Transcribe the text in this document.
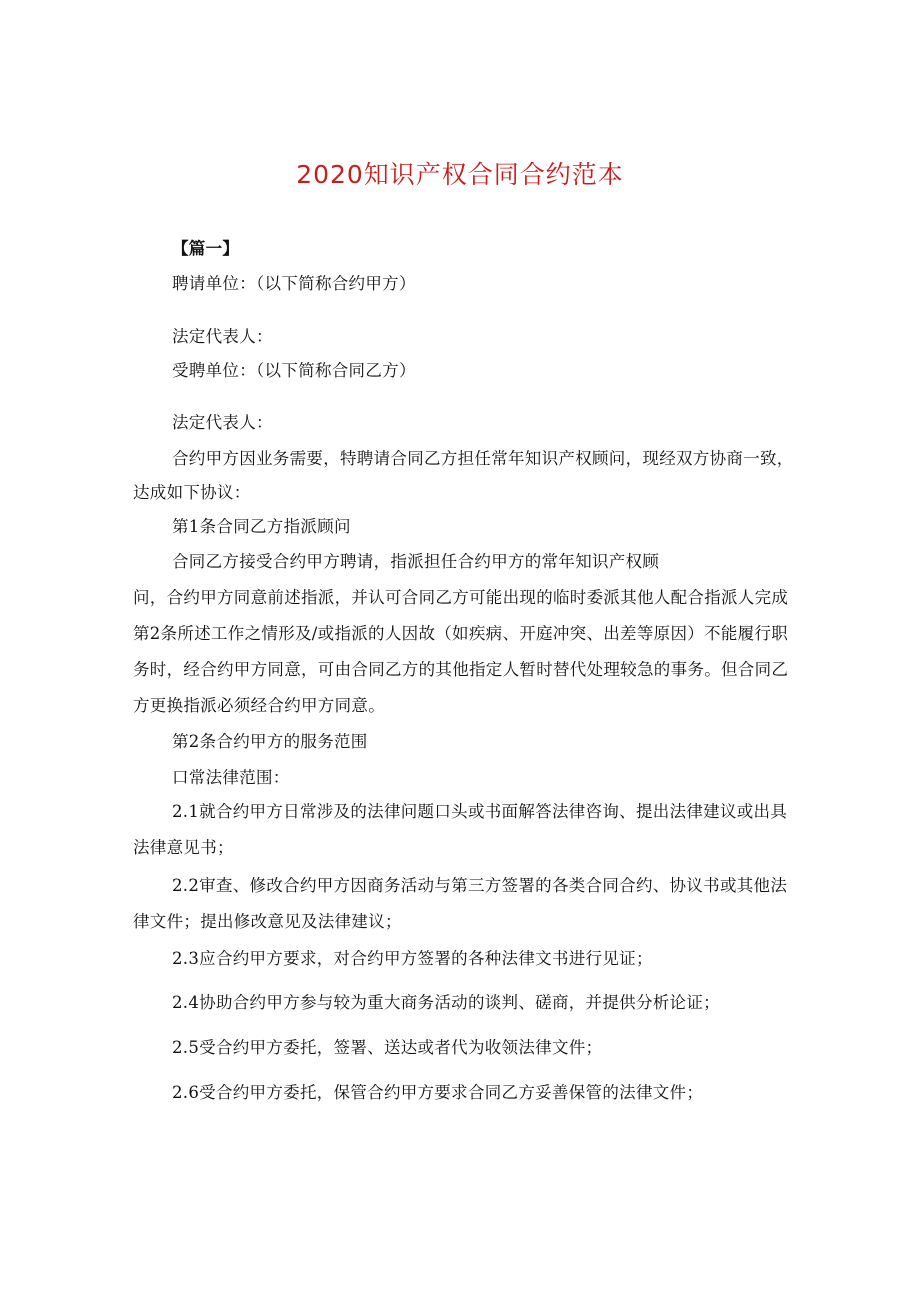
2020知识产权合同合约范本
【篇一】
聘请单位：（以下简称合约甲方）
法定代表人：
受聘单位：（以下简称合同乙方）
法定代表人：
合约甲方因业务需要，特聘请合同乙方担任常年知识产权顾问，现经双方协商一致，
达成如下协议：
第1条合同乙方指派顾问
合同乙方接受合约甲方聘请，指派担任合约甲方的常年知识产权顾
问，合约甲方同意前述指派，并认可合同乙方可能出现的临时委派其他人配合指派人完成
第2条所述工作之情形及/或指派的人因故（如疾病、开庭冲突、出差等原因）不能履行职
务时，经合约甲方同意，可由合同乙方的其他指定人暂时替代处理较急的事务。但合同乙
方更换指派必须经合约甲方同意。
第2条合约甲方的服务范围
口常法律范围：
2.1就合约甲方日常涉及的法律问题口头或书面解答法律咨询、提出法律建议或出具
法律意见书；
2.2审查、修改合约甲方因商务活动与第三方签署的各类合同合约、协议书或其他法
律文件；提出修改意见及法律建议；
2.3应合约甲方要求，对合约甲方签署的各种法律文书进行见证；
2.4协助合约甲方参与较为重大商务活动的谈判、磋商，并提供分析论证；
2.5受合约甲方委托，签署、送达或者代为收领法律文件；
2.6受合约甲方委托，保管合约甲方要求合同乙方妥善保管的法律文件；
